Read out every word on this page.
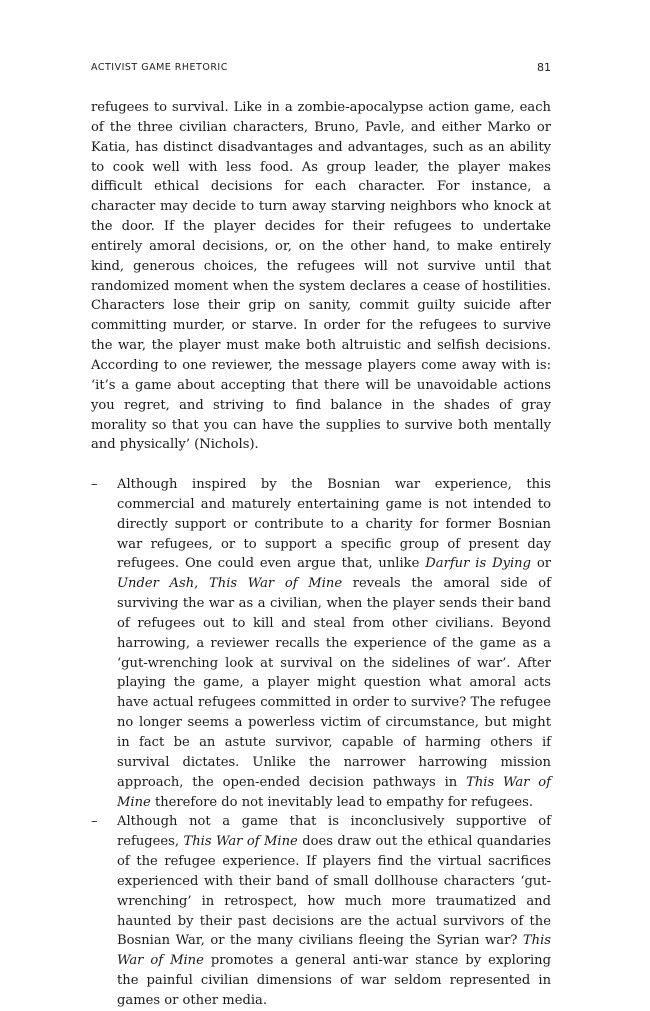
ACTIVIST GAME RHETORIC	81

refugees to survival. Like in a zombie-apocalypse action game, each of the three civilian characters, Bruno, Pavle, and either Marko or Katia, has distinct disadvantages and advantages, such as an ability to cook well with less food. As group leader, the player makes difficult ethical decisions for each character. For instance, a character may decide to turn away starving neighbors who knock at the door. If the player decides for their refugees to undertake entirely amoral decisions, or, on the other hand, to make entirely kind, generous choices, the refugees will not survive until that randomized moment when the system declares a cease of hostilities. Characters lose their grip on sanity, commit guilty suicide after committing murder, or starve. In order for the refugees to survive the war, the player must make both altruistic and selfish decisions. According to one reviewer, the message players come away with is: ‘it’s a game about accepting that there will be unavoidable actions you regret, and striving to find balance in the shades of gray morality so that you can have the supplies to survive both mentally and physically’ (Nichols).

– Although inspired by the Bosnian war experience, this commercial and maturely entertaining game is not intended to directly support or contribute to a charity for former Bosnian war refugees, or to support a specific group of present day refugees. One could even argue that, unlike Darfur is Dying or Under Ash, This War of Mine reveals the amoral side of surviving the war as a civilian, when the player sends their band of refugees out to kill and steal from other civilians. Beyond harrowing, a reviewer recalls the experience of the game as a ‘gut-wrenching look at survival on the sidelines of war’. After playing the game, a player might question what amoral acts have actual refugees committed in order to survive? The refugee no longer seems a powerless victim of circumstance, but might in fact be an astute survivor, capable of harming others if survival dictates. Unlike the narrower harrowing mission approach, the open-ended decision pathways in This War of Mine therefore do not inevitably lead to empathy for refugees.
– Although not a game that is inconclusively supportive of refugees, This War of Mine does draw out the ethical quandaries of the refugee experience. If players find the virtual sacrifices experienced with their band of small dollhouse characters ‘gut-wrenching’ in retrospect, how much more traumatized and haunted by their past decisions are the actual survivors of the Bosnian War, or the many civilians fleeing the Syrian war? This War of Mine promotes a general anti-war stance by exploring the painful civilian dimensions of war seldom represented in games or other media.
